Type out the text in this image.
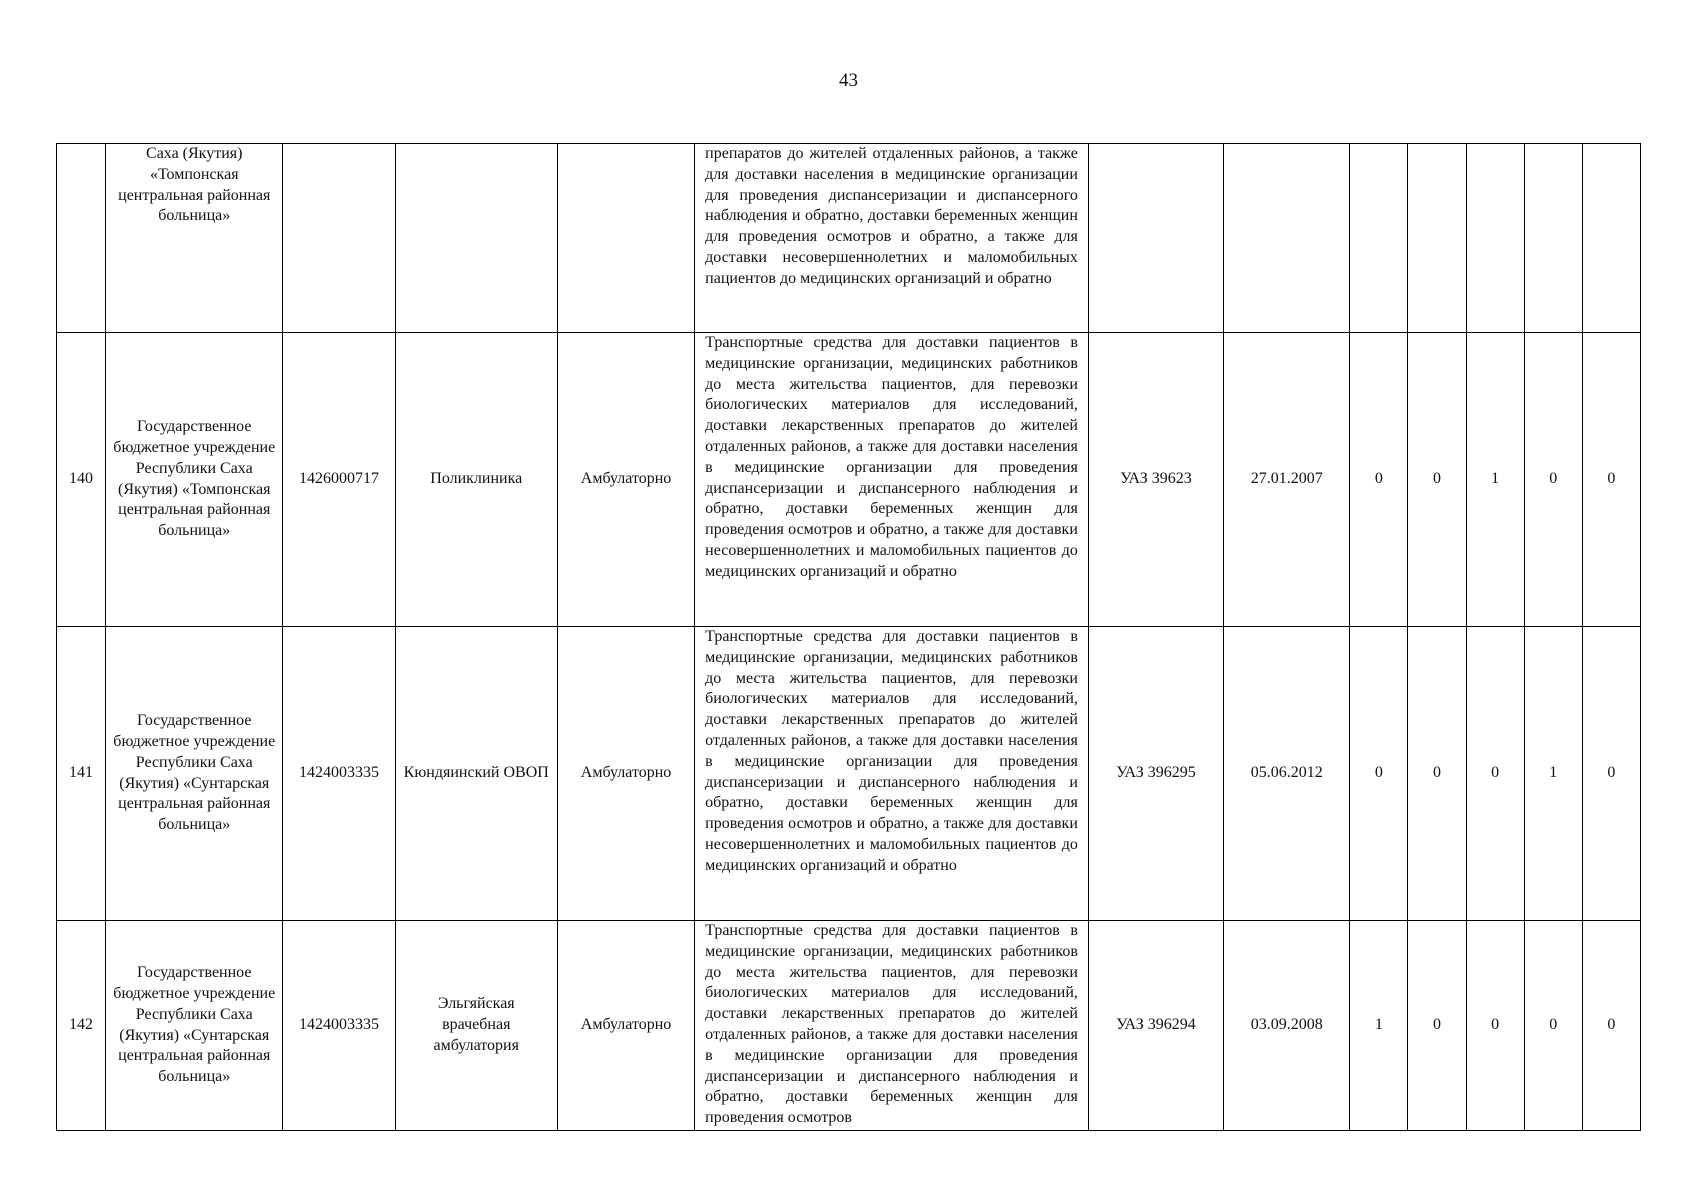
43
	Саха (Якутия) «Томпонская центральная районная больница»				препаратов до жителей отдаленных районов, а также для доставки населения в медицинские организации для проведения диспансеризации и диспансерного наблюдения и обратно, доставки беременных женщин для проведения осмотров и обратно, а также для доставки несовершеннолетних и маломобильных пациентов до медицинских организаций и обратно							
140	Государственное бюджетное учреждение Республики Саха (Якутия) «Томпонская центральная районная больница»	1426000717	Поликлиника	Амбулаторно	Транспортные средства для доставки пациентов в медицинские организации, медицинских работников до места жительства пациентов, для перевозки биологических материалов для исследований, доставки лекарственных препаратов до жителей отдаленных районов, а также для доставки населения в медицинские организации для проведения диспансеризации и диспансерного наблюдения и обратно, доставки беременных женщин для проведения осмотров и обратно, а также для доставки несовершеннолетних и маломобильных пациентов до медицинских организаций и обратно	УАЗ 39623	27.01.2007	0	0	1	0	0
141	Государственное бюджетное учреждение Республики Саха (Якутия) «Сунтарская центральная районная больница»	1424003335	Кюндяинский ОВОП	Амбулаторно	Транспортные средства для доставки пациентов в медицинские организации, медицинских работников до места жительства пациентов, для перевозки биологических материалов для исследований, доставки лекарственных препаратов до жителей отдаленных районов, а также для доставки населения в медицинские организации для проведения диспансеризации и диспансерного наблюдения и обратно, доставки беременных женщин для проведения осмотров и обратно, а также для доставки несовершеннолетних и маломобильных пациентов до медицинских организаций и обратно	УАЗ 396295	05.06.2012	0	0	0	1	0
142	Государственное бюджетное учреждение Республики Саха (Якутия) «Сунтарская центральная районная больница»	1424003335	Эльгяйская врачебная амбулатория	Амбулаторно	Транспортные средства для доставки пациентов в медицинские организации, медицинских работников до места жительства пациентов, для перевозки биологических материалов для исследований, доставки лекарственных препаратов до жителей отдаленных районов, а также для доставки населения в медицинские организации для проведения диспансеризации и диспансерного наблюдения и обратно, доставки беременных женщин для проведения осмотров	УАЗ 396294	03.09.2008	1	0	0	0	0
